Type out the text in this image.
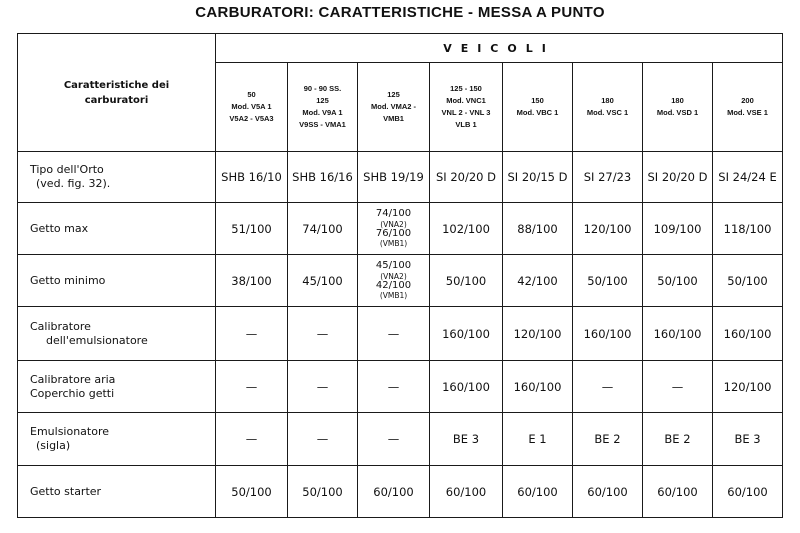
CARBURATORI: CARATTERISTICHE - MESSA A PUNTO
Caratteristiche dei
carburatori	VEICOLI							

	50
Mod. V5A 1
V5A2 - V5A3	90 - 90 SS.
125
Mod. V9A 1
V9SS - VMA1	125
Mod. VMA2 -
VMB1	125 - 150
Mod. VNC1
VNL 2 - VNL 3
VLB 1	150
Mod. VBC 1	180
Mod. VSC 1	180
Mod. VSD 1	200
Mod. VSE 1

Tipo dell'Orto
(ved. fig. 32).	SHB 16/10	SHB 16/16	SHB 19/19	SI 20/20 D	SI 20/15 D	SI 27/23	SI 20/20 D	SI 24/24 E

Getto max	51/100	74/100	74/100
(VNA2)
76/100
(VMB1)	102/100	88/100	120/100	109/100	118/100

Getto minimo	38/100	45/100	45/100
(VNA2)
42/100
(VMB1)	50/100	42/100	50/100	50/100	50/100

Calibratore
dell'emulsionatore	—	—	—	160/100	120/100	160/100	160/100	160/100

Calibratore aria
Coperchio getti	—	—	—	160/100	160/100	—	—	120/100

Emulsionatore
(sigla)	—	—	—	BE 3	E 1	BE 2	BE 2	BE 3

Getto starter	50/100	50/100	60/100	60/100	60/100	60/100	60/100	60/100
